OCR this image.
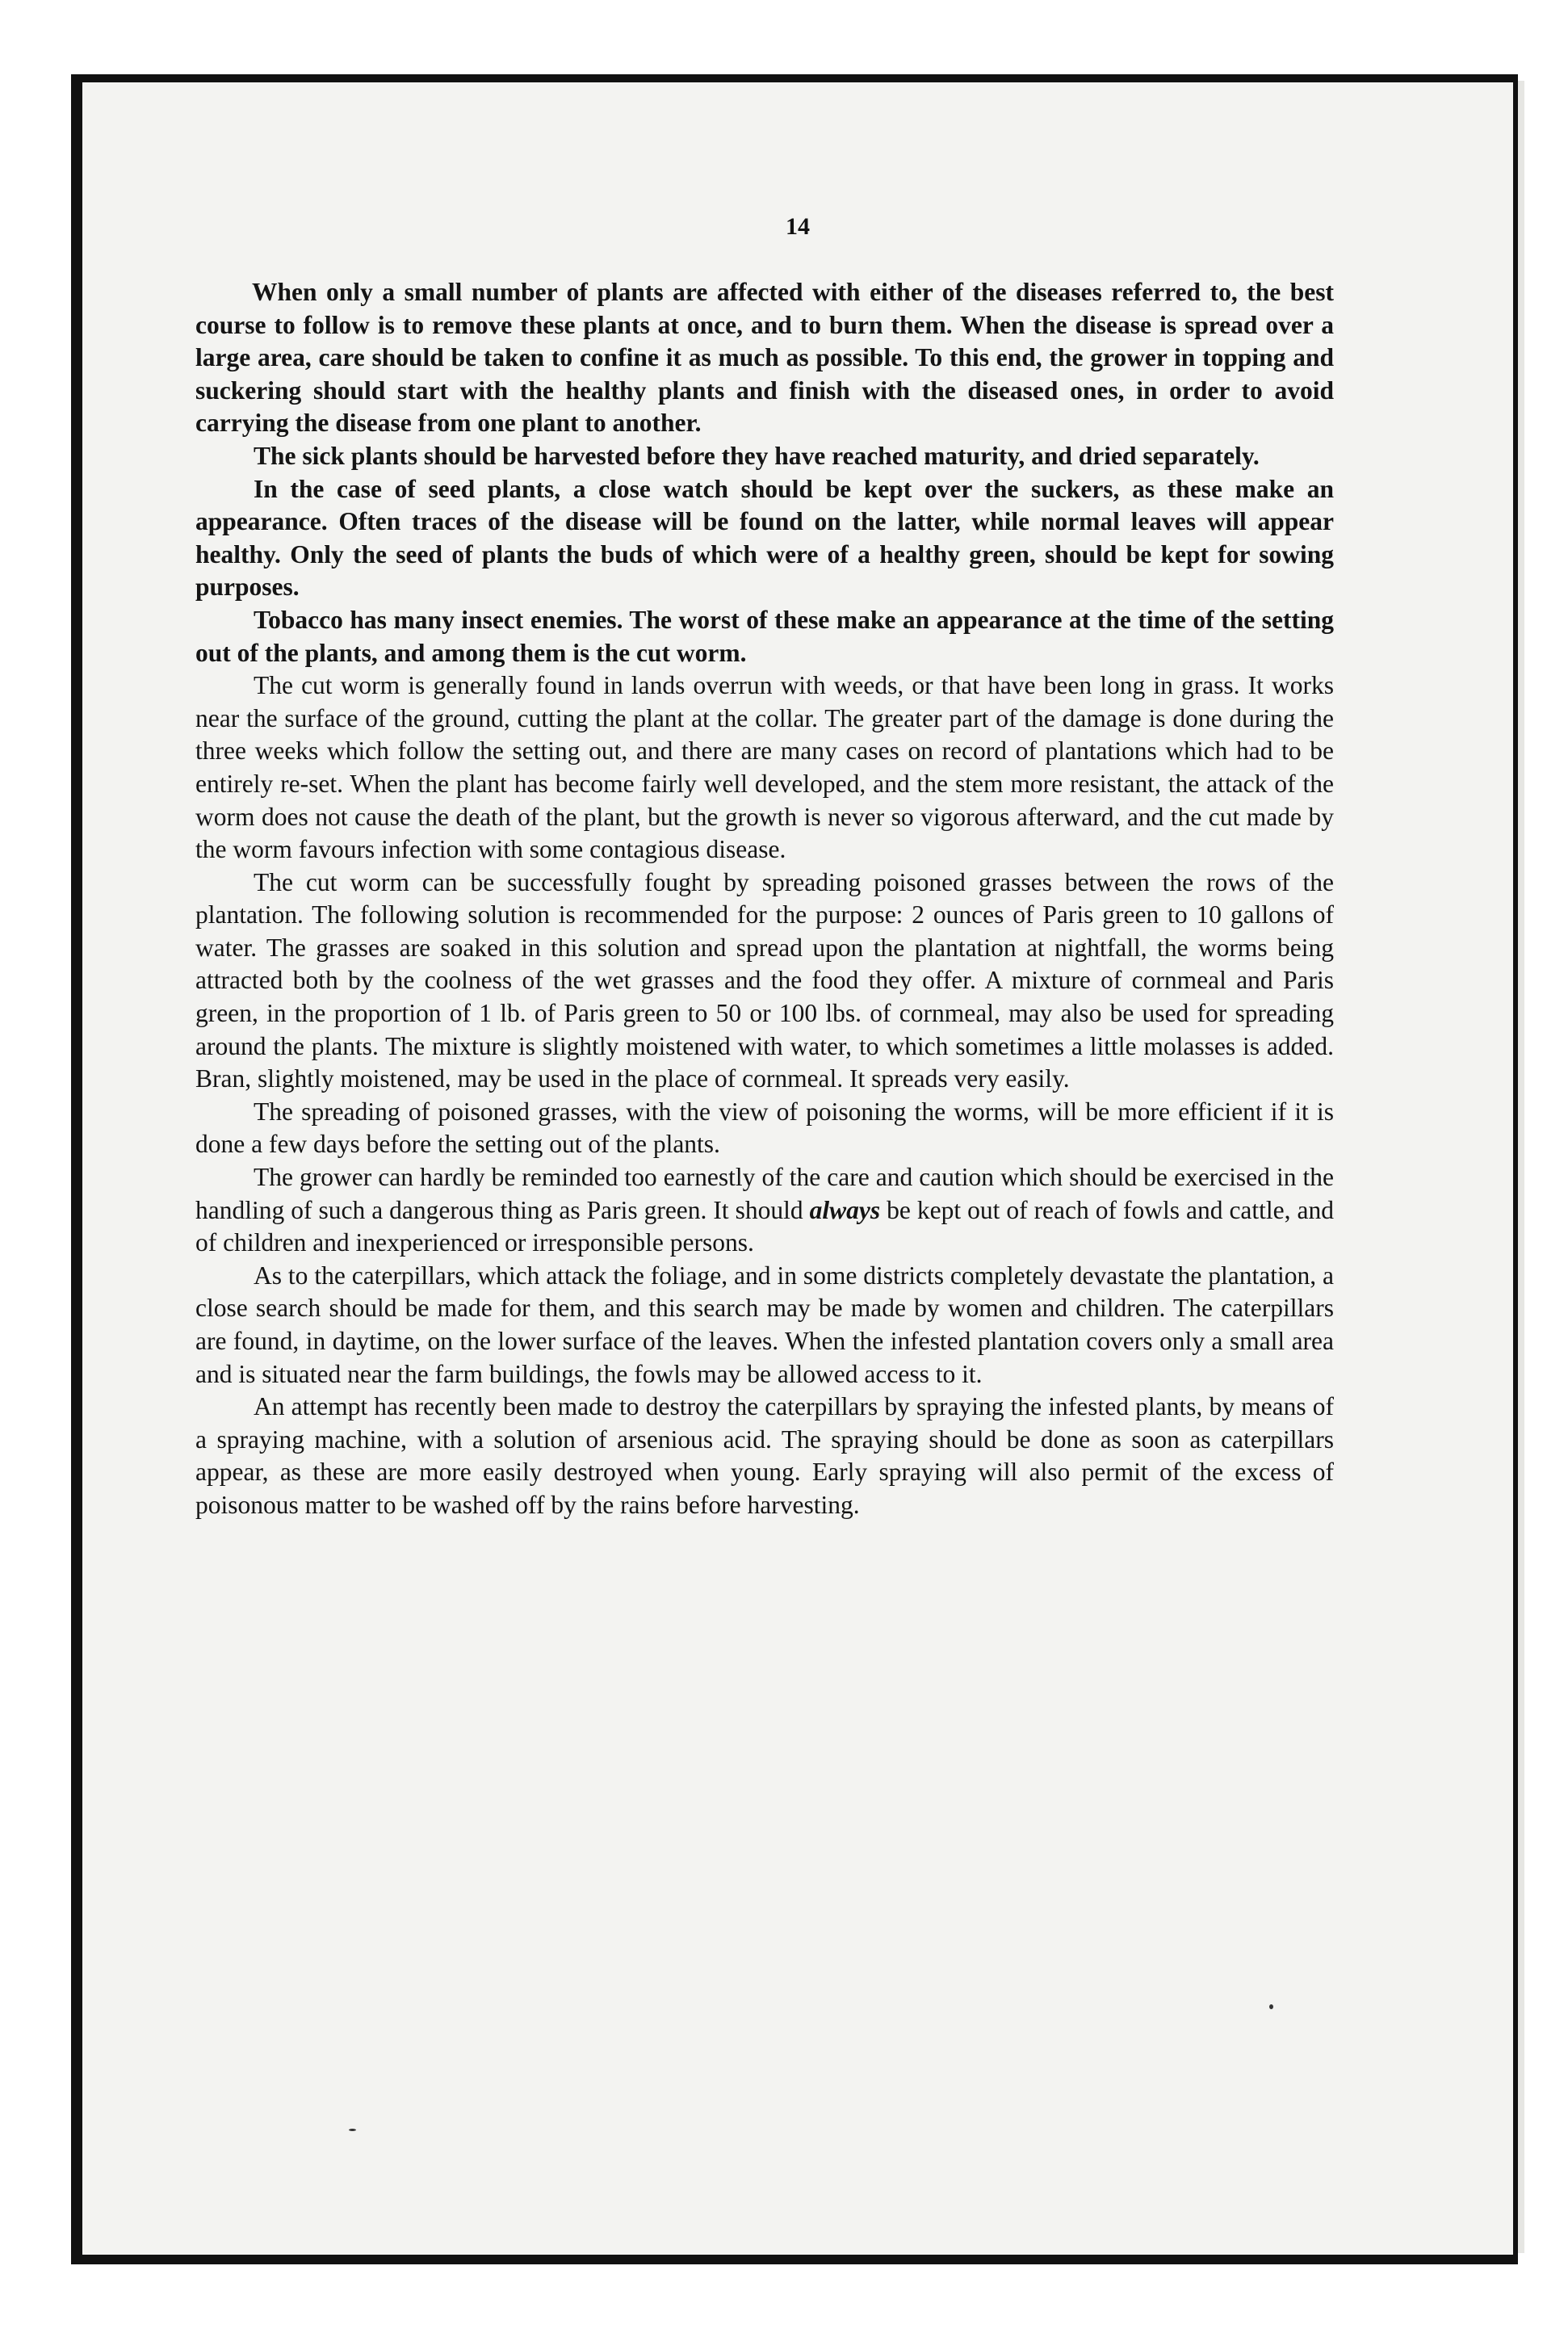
14

When only a small number of plants are affected with either of the diseases referred to, the best course to follow is to remove these plants at once, and to burn them. When the disease is spread over a large area, care should be taken to confine it as much as possible. To this end, the grower in topping and suckering should start with the healthy plants and finish with the diseased ones, in order to avoid carrying the disease from one plant to another.

The sick plants should be harvested before they have reached maturity, and dried separately.

In the case of seed plants, a close watch should be kept over the suckers, as these make an appearance. Often traces of the disease will be found on the latter, while normal leaves will appear healthy. Only the seed of plants the buds of which were of a healthy green, should be kept for sowing purposes.

Tobacco has many insect enemies. The worst of these make an appearance at the time of the setting out of the plants, and among them is the cut worm.

The cut worm is generally found in lands overrun with weeds, or that have been long in grass. It works near the surface of the ground, cutting the plant at the collar. The greater part of the damage is done during the three weeks which follow the setting out, and there are many cases on record of plantations which had to be entirely re-set. When the plant has become fairly well developed, and the stem more resistant, the attack of the worm does not cause the death of the plant, but the growth is never so vigorous afterward, and the cut made by the worm favours infection with some contagious disease.

The cut worm can be successfully fought by spreading poisoned grasses between the rows of the plantation. The following solution is recommended for the purpose: 2 ounces of Paris green to 10 gallons of water. The grasses are soaked in this solution and spread upon the plantation at nightfall, the worms being attracted both by the coolness of the wet grasses and the food they offer. A mixture of cornmeal and Paris green, in the proportion of 1 lb. of Paris green to 50 or 100 lbs. of cornmeal, may also be used for spreading around the plants. The mixture is slightly moistened with water, to which sometimes a little molasses is added. Bran, slightly moistened, may be used in the place of cornmeal. It spreads very easily.

The spreading of poisoned grasses, with the view of poisoning the worms, will be more efficient if it is done a few days before the setting out of the plants.

The grower can hardly be reminded too earnestly of the care and caution which should be exercised in the handling of such a dangerous thing as Paris green. It should always be kept out of reach of fowls and cattle, and of children and inexperienced or irresponsible persons.

As to the caterpillars, which attack the foliage, and in some districts completely devastate the plantation, a close search should be made for them, and this search may be made by women and children. The caterpillars are found, in daytime, on the lower surface of the leaves. When the infested plantation covers only a small area and is situated near the farm buildings, the fowls may be allowed access to it.

An attempt has recently been made to destroy the caterpillars by spraying the infested plants, by means of a spraying machine, with a solution of arsenious acid. The spraying should be done as soon as caterpillars appear, as these are more easily destroyed when young. Early spraying will also permit of the excess of poisonous matter to be washed off by the rains before harvesting.
